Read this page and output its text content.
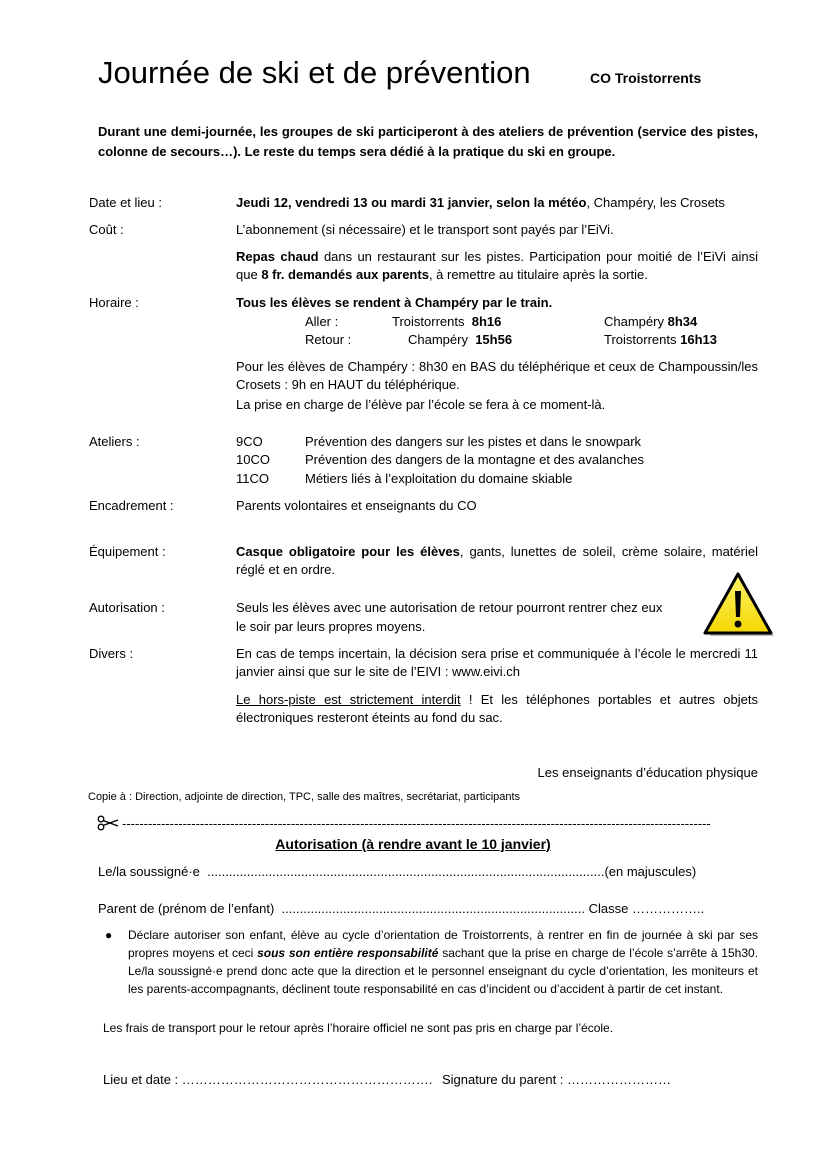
Journée de ski et de prévention	CO Troistorrents
Durant une demi-journée, les groupes de ski participeront à des ateliers de prévention (service des pistes, colonne de secours…). Le reste du temps sera dédié à la pratique du ski en groupe.
Date et lieu :	Jeudi 12, vendredi 13 ou mardi 31 janvier, selon la météo, Champéry, les Crosets
Coût :	L’abonnement (si nécessaire) et le transport sont payés par l’EiVi.
Repas chaud dans un restaurant sur les pistes. Participation pour moitié de l’EiVi ainsi que 8 fr. demandés aux parents, à remettre au titulaire après la sortie.
Horaire :	Tous les élèves se rendent à Champéry par le train.
Aller :	Troistorrents 8h16	Champéry 8h34
Retour :	Champéry 15h56	Troistorrents 16h13
Pour les élèves de Champéry : 8h30 en BAS du téléphérique et ceux de Champoussin/les Crosets : 9h en HAUT du téléphérique.
La prise en charge de l’élève par l’école se fera à ce moment-là.
Ateliers :	9CO	Prévention des dangers sur les pistes et dans le snowpark
10CO	Prévention des dangers de la montagne et des avalanches
11CO	Métiers liés à l’exploitation du domaine skiable
Encadrement :	Parents volontaires et enseignants du CO
Équipement :	Casque obligatoire pour les élèves, gants, lunettes de soleil, crème solaire, matériel réglé et en ordre.
Autorisation :	Seuls les élèves avec une autorisation de retour pourront rentrer chez eux
le soir par leurs propres moyens.
Divers :	En cas de temps incertain, la décision sera prise et communiquée à l’école le mercredi 11 janvier ainsi que sur le site de l’EIVI : www.eivi.ch
Le hors-piste est strictement interdit ! Et les téléphones portables et autres objets électroniques resteront éteints au fond du sac.
Les enseignants d’éducation physique
Copie à : Direction, adjointe de direction, TPC, salle des maîtres, secrétariat, participants
----------------------------------------------------------------------------------------------------------------------------------------
Autorisation (à rendre avant le 10 janvier)
Le/la soussigné·e ..............................................................................................................(en majuscules)
Parent de (prénom de l’enfant) .................................................................................... Classe ……………..
● Déclare autoriser son enfant, élève au cycle d’orientation de Troistorrents, à rentrer en fin de journée à ski par ses propres moyens et ceci sous son entière responsabilité sachant que la prise en charge de l’école s’arrête à 15h30. Le/la soussigné·e prend donc acte que la direction et le personnel enseignant du cycle d’orientation, les moniteurs et les parents-accompagnants, déclinent toute responsabilité en cas d’incident ou d’accident à partir de cet instant.
Les frais de transport pour le retour après l’horaire officiel ne sont pas pris en charge par l’école.
Lieu et date : …………………………………………………. Signature du parent : ……………………
